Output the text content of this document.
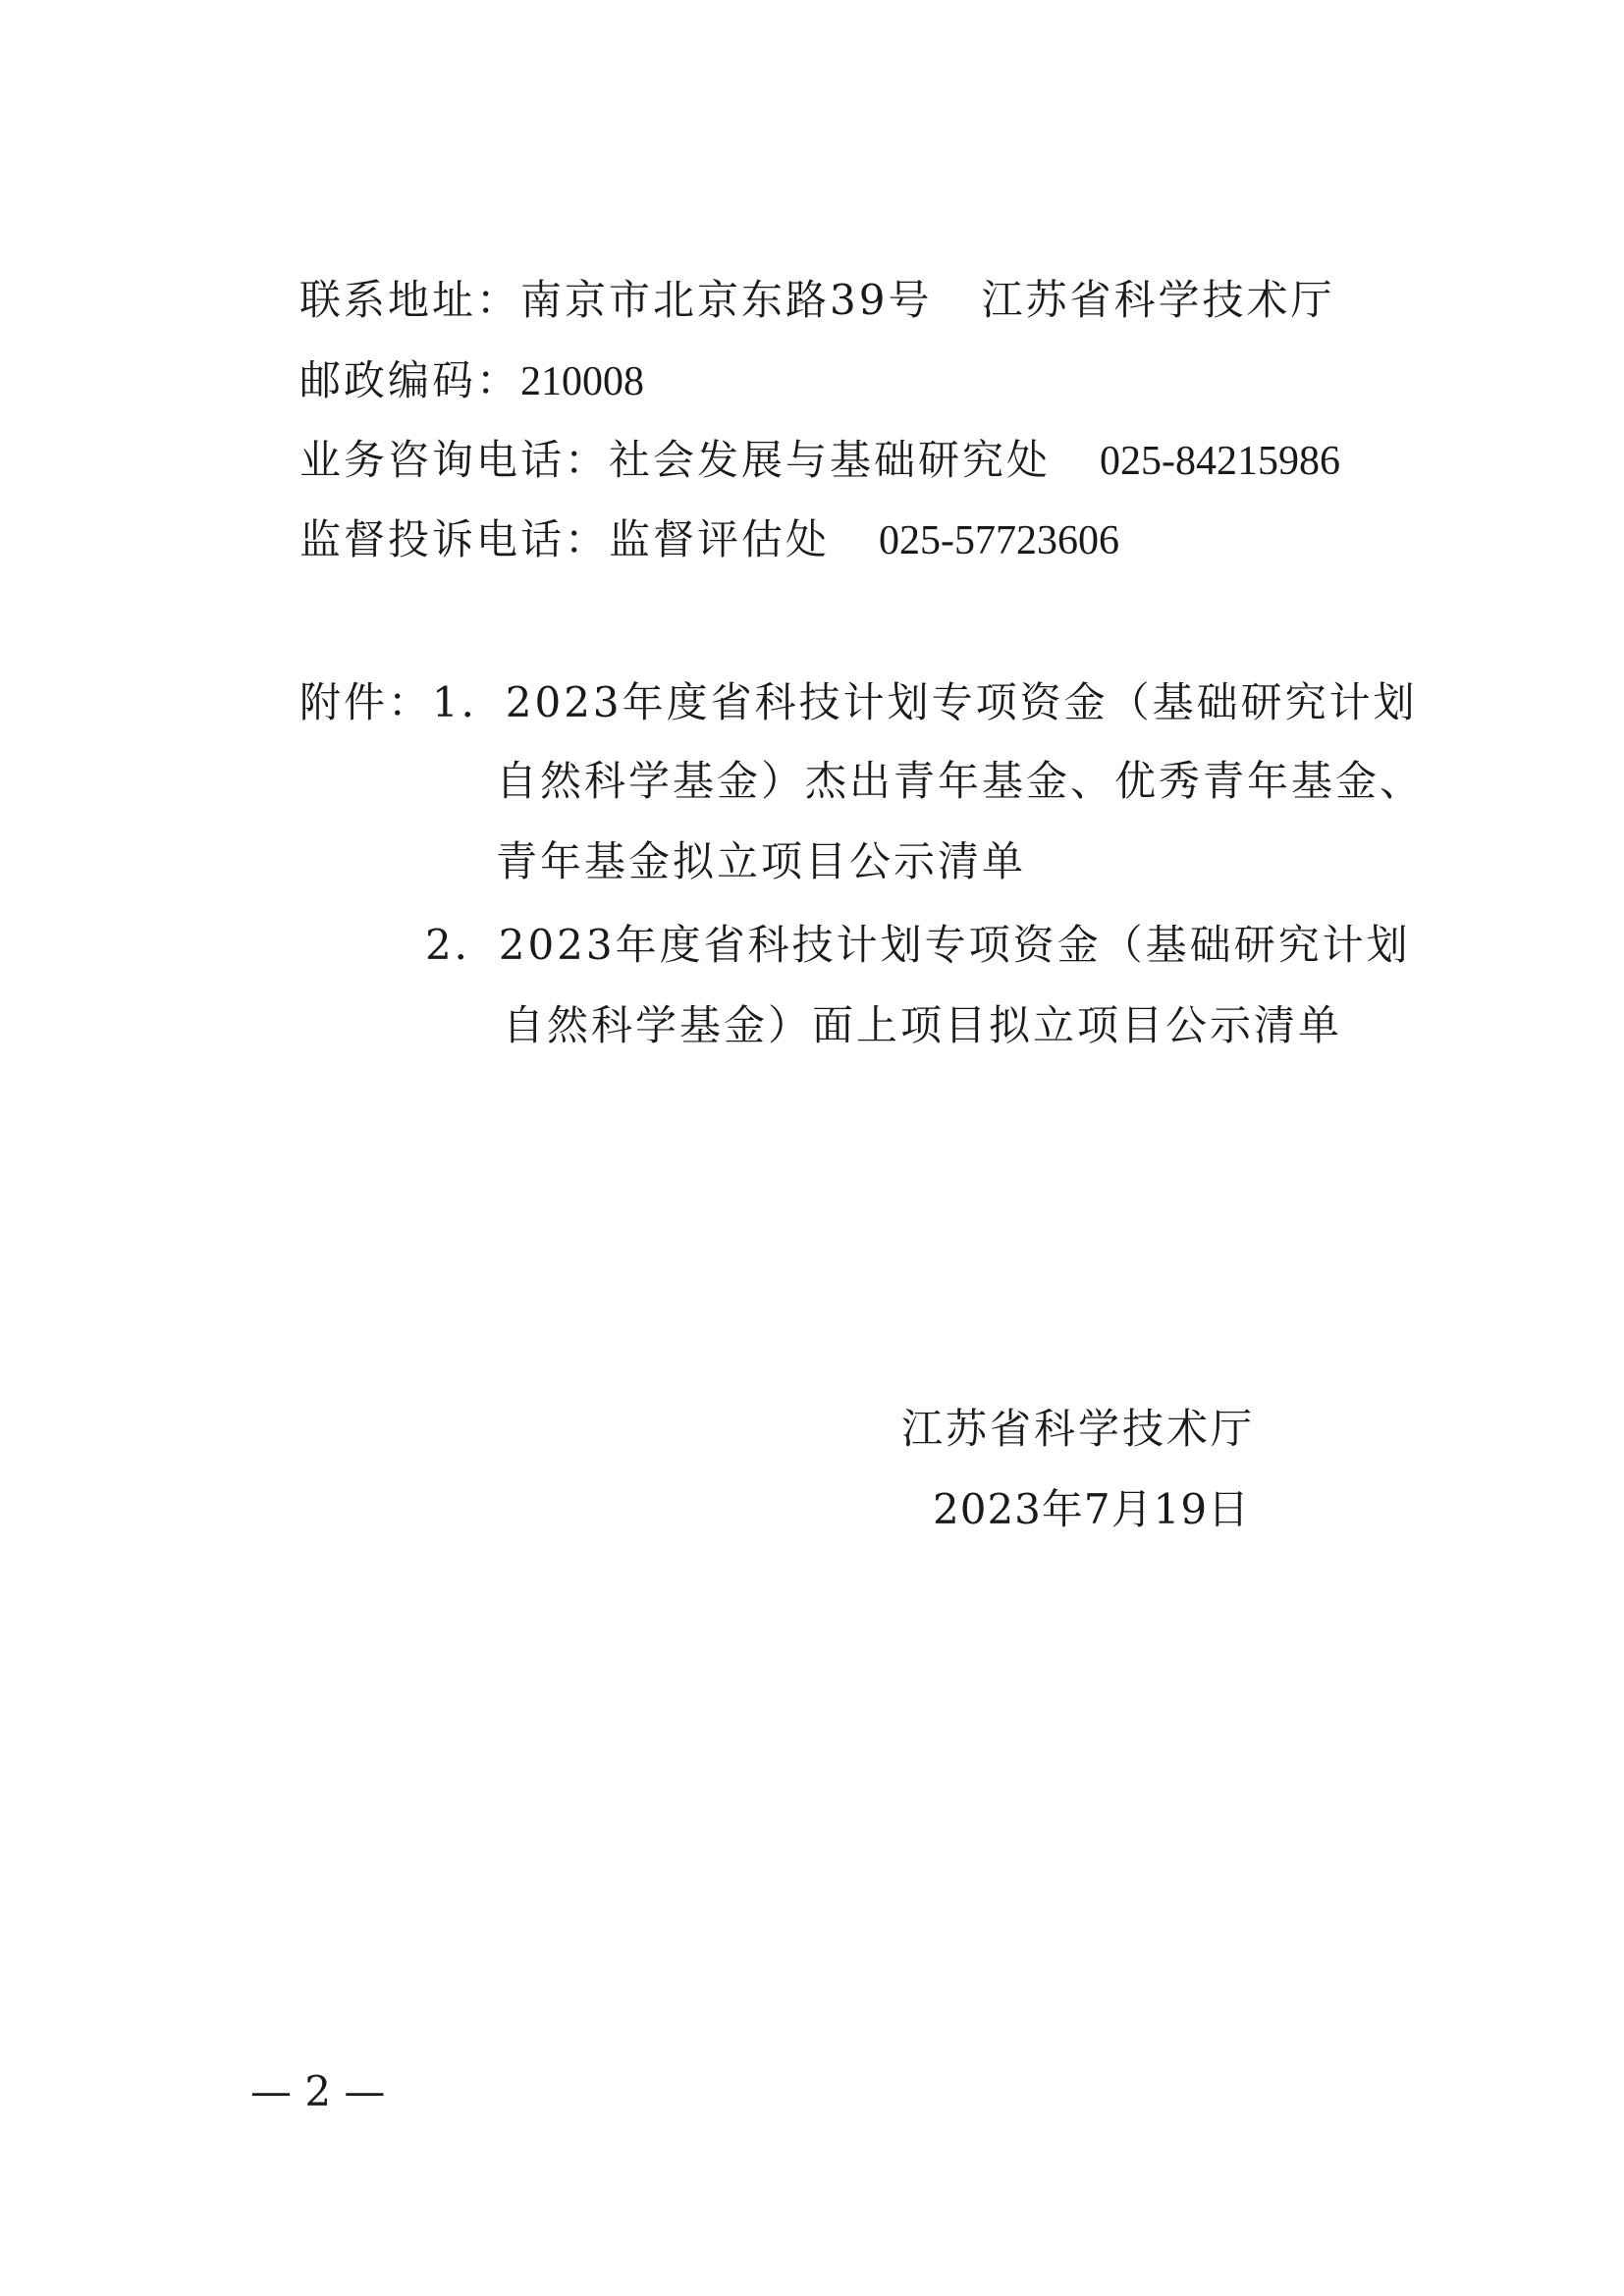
联系地址：南京市北京东路39号 江苏省科学技术厅
邮政编码：210008
业务咨询电话：社会发展与基础研究处 025-84215986
监督投诉电话：监督评估处 025-57723606
附件：1．2023年度省科技计划专项资金（基础研究计划
自然科学基金）杰出青年基金、优秀青年基金、
青年基金拟立项目公示清单
2．2023年度省科技计划专项资金（基础研究计划
自然科学基金）面上项目拟立项目公示清单
江苏省科学技术厅
2023年7月19日
— 2 —
